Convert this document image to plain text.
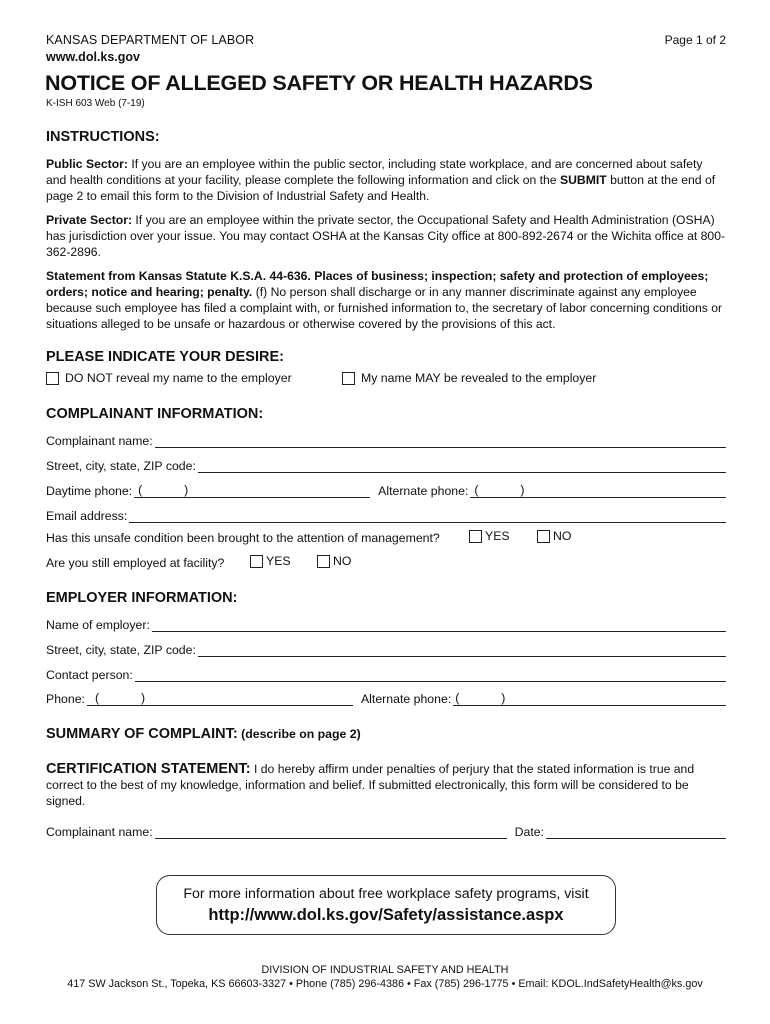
KANSAS DEPARTMENT OF LABOR
www.dol.ks.gov
Page 1 of 2
NOTICE OF ALLEGED SAFETY OR HEALTH HAZARDS
K-ISH 603 Web (7-19)
INSTRUCTIONS:
Public Sector: If you are an employee within the public sector, including state workplace, and are concerned about safety and health conditions at your facility, please complete the following information and click on the SUBMIT button at the end of page 2 to email this form to the Division of Industrial Safety and Health.
Private Sector: If you are an employee within the private sector, the Occupational Safety and Health Administration (OSHA) has jurisdiction over your issue. You may contact OSHA at the Kansas City office at 800-892-2674 or the Wichita office at 800-362-2896.
Statement from Kansas Statute K.S.A. 44-636. Places of business; inspection; safety and protection of employees; orders; notice and hearing; penalty. (f) No person shall discharge or in any manner discriminate against any employee because such employee has filed a complaint with, or furnished information to, the secretary of labor concerning conditions or situations alleged to be unsafe or hazardous or otherwise covered by the provisions of this act.
PLEASE INDICATE YOUR DESIRE:
DO NOT reveal my name to the employer	My name MAY be revealed to the employer
COMPLAINANT INFORMATION:
Complainant name:
Street, city, state, ZIP code:
Daytime phone: (	)	Alternate phone: (	)
Email address:
Has this unsafe condition been brought to the attention of management?	YES	NO
Are you still employed at facility?	YES	NO
EMPLOYER INFORMATION:
Name of employer:
Street, city, state, ZIP code:
Contact person:
Phone: (	)	Alternate phone: (	)
SUMMARY OF COMPLAINT: (describe on page 2)
CERTIFICATION STATEMENT: I do hereby affirm under penalties of perjury that the stated information is true and correct to the best of my knowledge, information and belief. If submitted electronically, this form will be considered to be signed.
Complainant name:	Date:
For more information about free workplace safety programs, visit
http://www.dol.ks.gov/Safety/assistance.aspx
DIVISION OF INDUSTRIAL SAFETY AND HEALTH
417 SW Jackson St., Topeka, KS 66603-3327 • Phone (785) 296-4386 • Fax (785) 296-1775 • Email: KDOL.IndSafetyHealth@ks.gov
